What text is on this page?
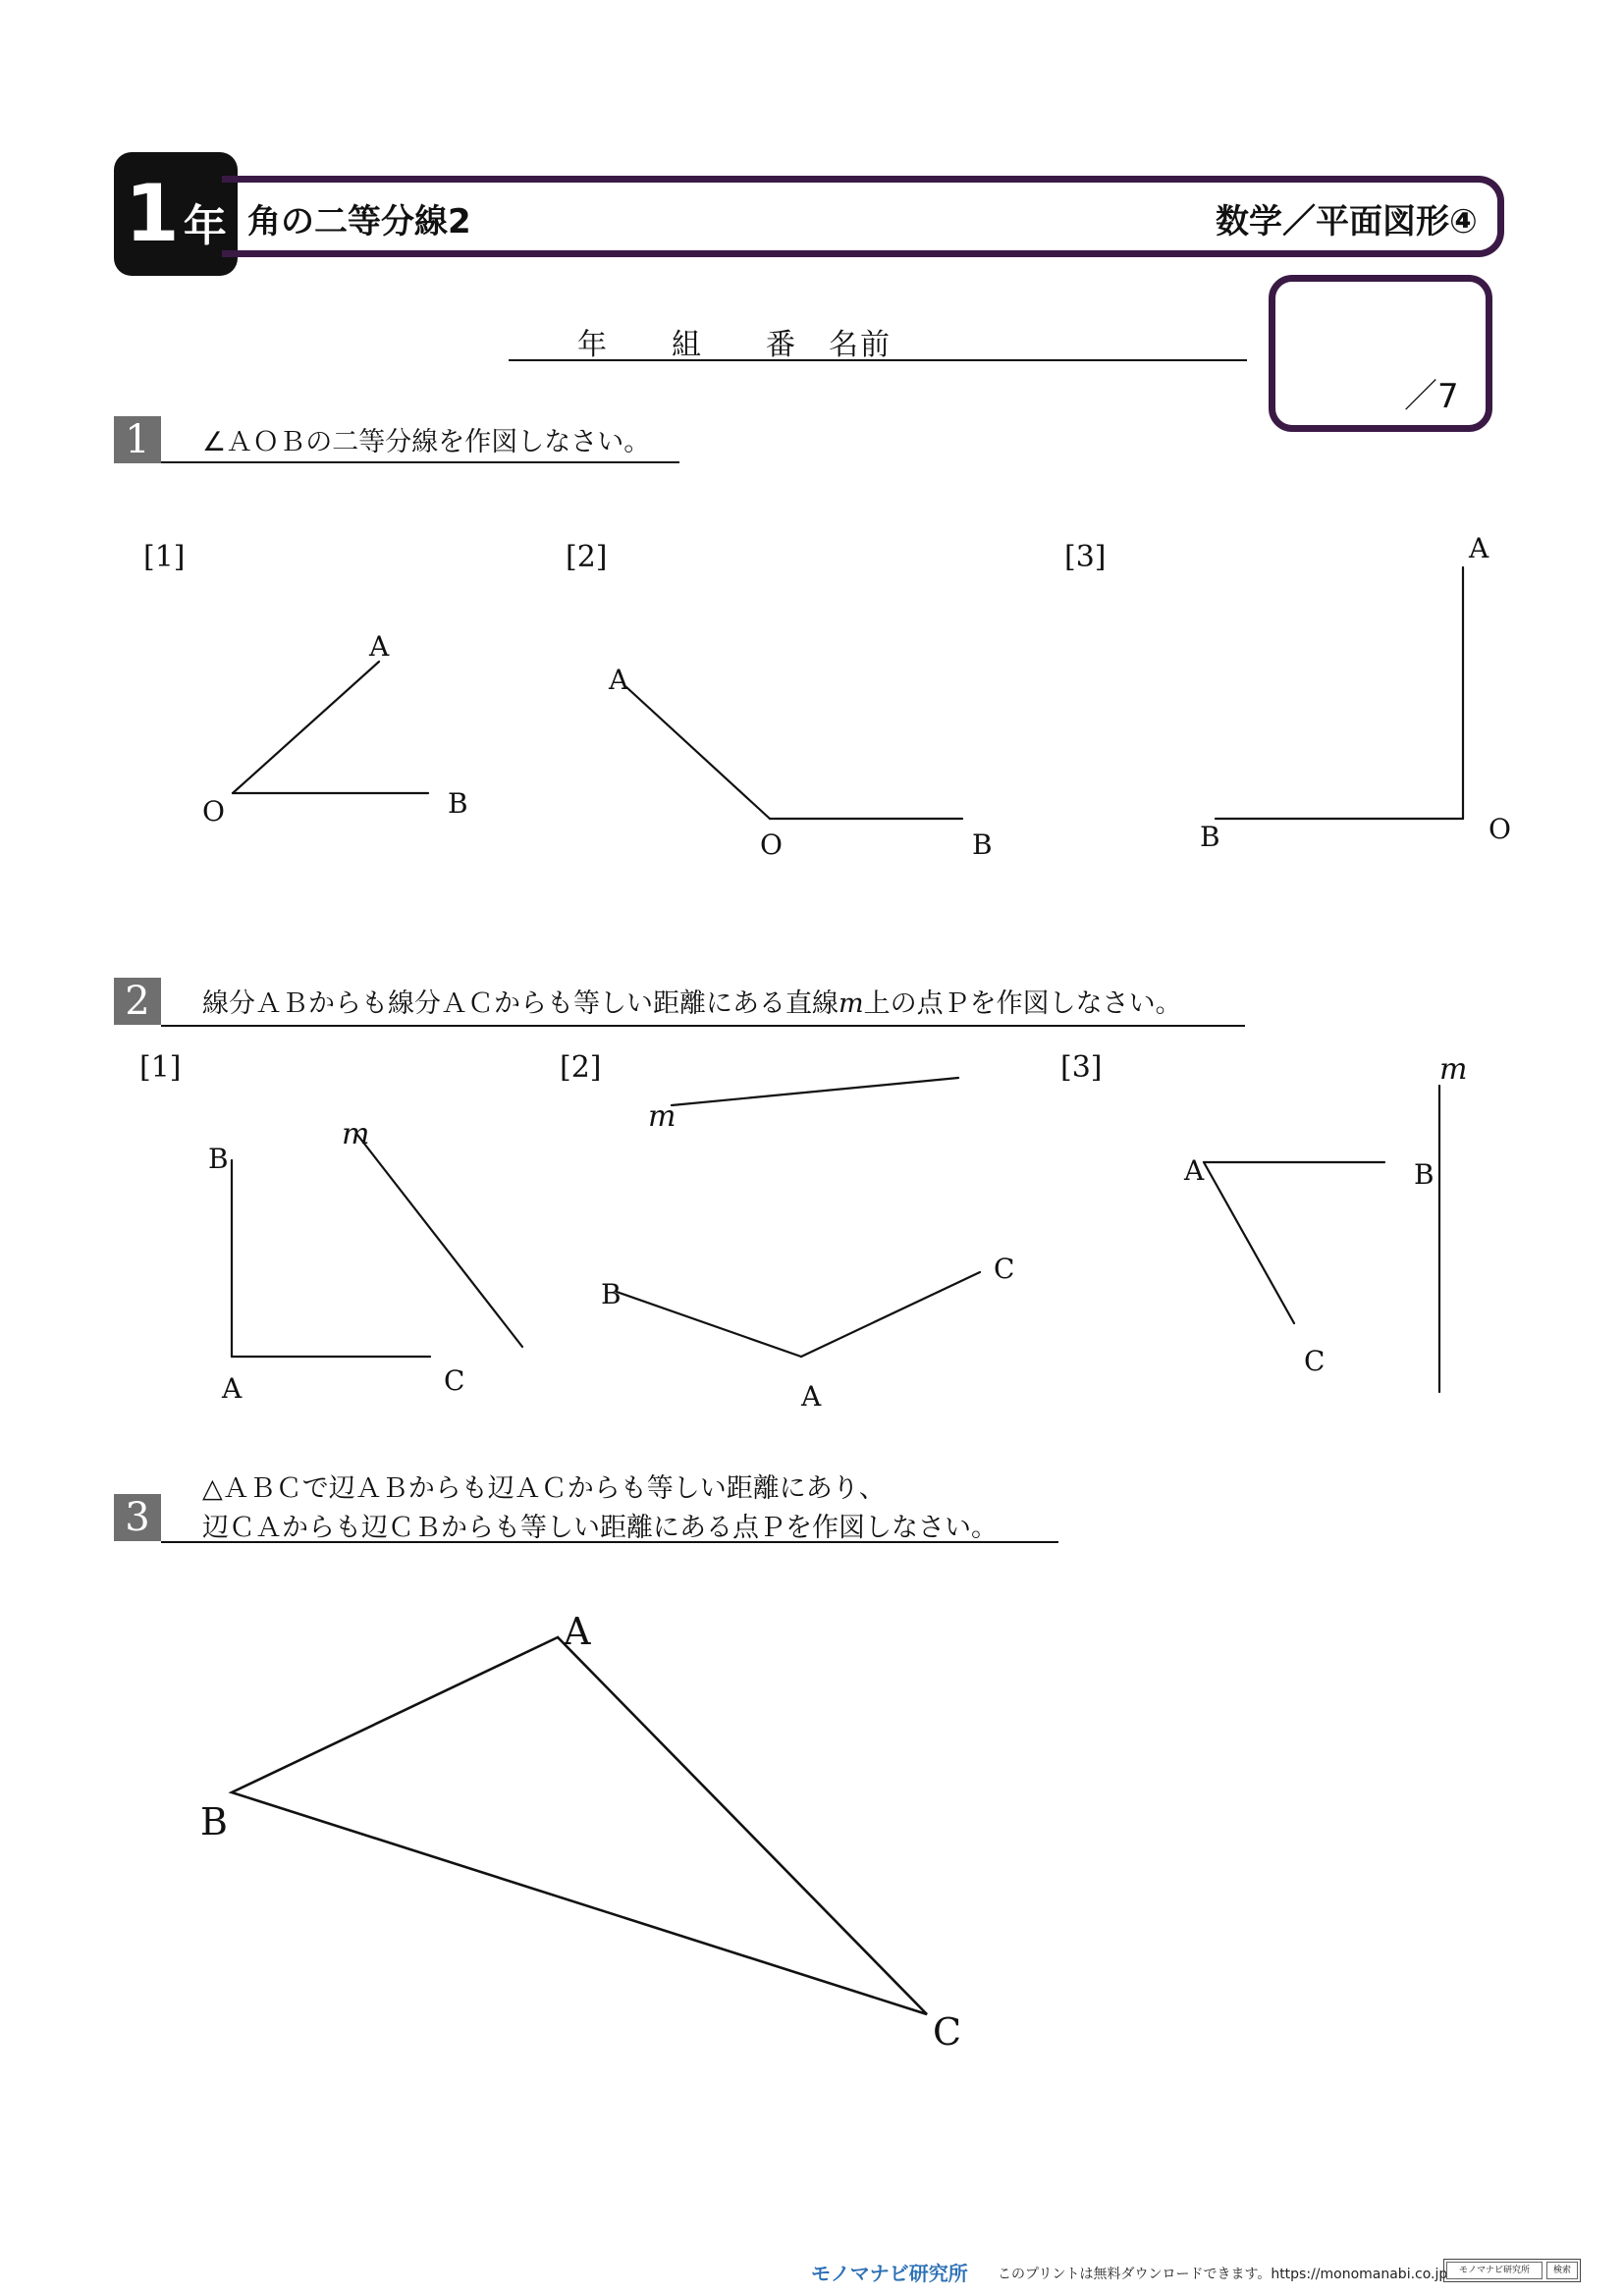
1 年 角の二等分線2	数学／平面図形④
年　　組　　番　名前
／7
1	∠ＡＯＢの二等分線を作図しなさい。
[1]	[2]	[3]
A
O	B
A
O	B
A
B	O
2	線分ＡＢからも線分ＡＣからも等しい距離にある直線m上の点Ｐを作図しなさい。
[1]	[2]	[3]
B
m
A	C
m
B
C
A
m
A	B
C
3
△ＡＢＣで辺ＡＢからも辺ＡＣからも等しい距離にあり、
辺ＣＡからも辺ＣＢからも等しい距離にある点Ｐを作図しなさい。
A
B
C
モノマナビ研究所 このプリントは無料ダウンロードできます。https://monomanabi.co.jp	モノマナビ研究所	検索
